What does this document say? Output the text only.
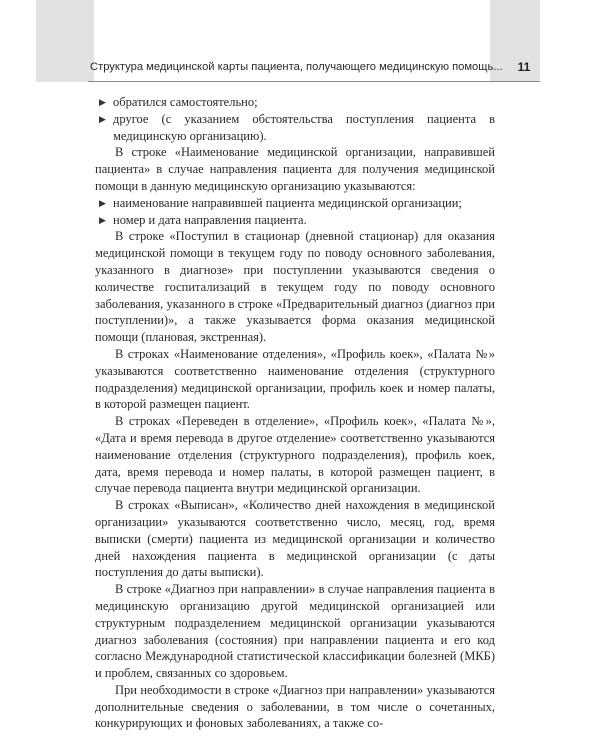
Структура медицинской карты пациента, получающего медицинскую помощь...	11
▶ обратился самостоятельно;
▶ другое (с указанием обстоятельства поступления пациента в медицинскую организацию).

В строке «Наименование медицинской организации, направившей пациента» в случае направления пациента для получения медицинской помощи в данную медицинскую организацию указываются:

▶ наименование направившей пациента медицинской организации;
▶ номер и дата направления пациента.

В строке «Поступил в стационар (дневной стационар) для оказания медицинской помощи в текущем году по поводу основного заболевания, указанного в диагнозе» при поступлении указываются сведения о количестве госпитализаций в текущем году по поводу основного заболевания, указанного в строке «Предварительный диагноз (диагноз при поступлении)», а также указывается форма оказания медицинской помощи (плановая, экстренная).

В строках «Наименование отделения», «Профиль коек», «Палата №» указываются соответственно наименование отделения (структурного подразделения) медицинской организации, профиль коек и номер палаты, в которой размещен пациент.

В строках «Переведен в отделение», «Профиль коек», «Палата №», «Дата и время перевода в другое отделение» соответственно указываются наименование отделения (структурного подразделения), профиль коек, дата, время перевода и номер палаты, в которой размещен пациент, в случае перевода пациента внутри медицинской организации.

В строках «Выписан», «Количество дней нахождения в медицинской организации» указываются соответственно число, месяц, год, время выписки (смерти) пациента из медицинской организации и количество дней нахождения пациента в медицинской организации (с даты поступления до даты выписки).

В строке «Диагноз при направлении» в случае направления пациента в медицинскую организацию другой медицинской организацией или структурным подразделением медицинской организации указываются диагноз заболевания (состояния) при направлении пациента и его код согласно Международной статистической классификации болезней (МКБ) и проблем, связанных со здоровьем.

При необходимости в строке «Диагноз при направлении» указываются дополнительные сведения о заболевании, в том числе о сочетанных, конкурирующих и фоновых заболеваниях, а также со-
